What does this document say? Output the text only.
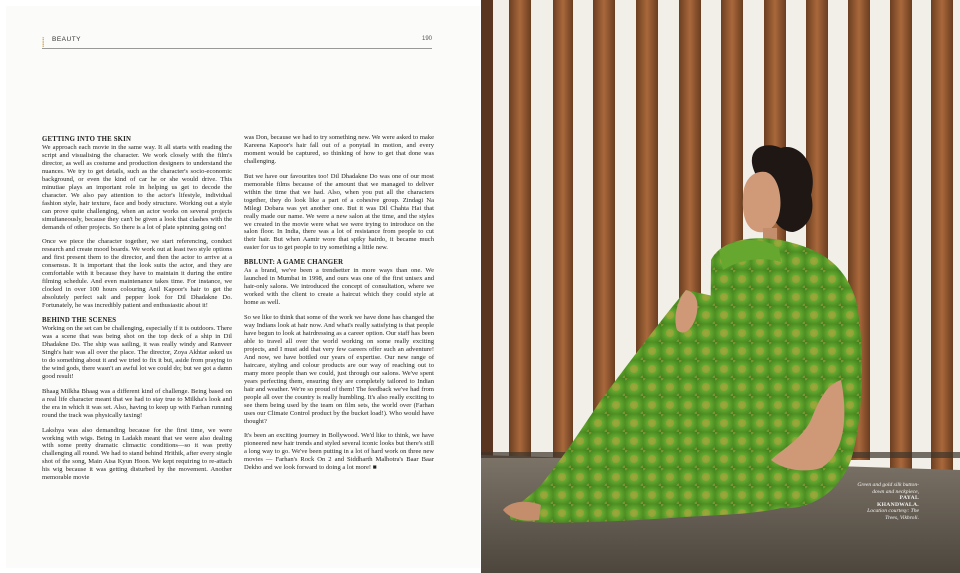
⸽ BEAUTY	190
GETTING INTO THE SKIN

We approach each movie in the same way. It all starts with reading the script and visualising the character. We work closely with the film's director, as well as costume and production designers to understand the nuances. We try to get details, such as the character's socio-economic background, or even the kind of car he or she would drive. This minutiae plays an important role in helping us get to decode the character. We also pay attention to the actor's lifestyle, individual fashion style, hair texture, face and body structure. Working out a style can prove quite challenging, when an actor works on several projects simultaneously, because they can't be given a look that clashes with the demands of other projects. So there is a lot of plate spinning going on!

Once we piece the character together, we start referencing, conduct research and create mood boards. We work out at least two style options and first present them to the director, and then the actor to arrive at a consensus. It is important that the look suits the actor, and they are comfortable with it because they have to maintain it during the entire filming schedule. And even maintenance takes time. For instance, we clocked in over 100 hours colouring Anil Kapoor's hair to get the absolutely perfect salt and pepper look for Dil Dhadakne Do. Fortunately, he was incredibly patient and enthusiastic about it!

BEHIND THE SCENES

Working on the set can be challenging, especially if it is outdoors. There was a scene that was being shot on the top deck of a ship in Dil Dhadakne Do. The ship was sailing, it was really windy and Ranveer Singh's hair was all over the place. The director, Zoya Akhtar asked us to do something about it and we tried to fix it but, aside from praying to the wind gods, there wasn't an awful lot we could do; but we got a damn good result!

Bhaag Milkha Bhaag was a different kind of challenge. Being based on a real life character meant that we had to stay true to Milkha's look and the era in which it was set. Also, having to keep up with Farhan running round the track was physically taxing!

Lakshya was also demanding because for the first time, we were working with wigs. Being in Ladakh meant that we were also dealing with some pretty dramatic climactic conditions—so it was pretty challenging all round. We had to stand behind Hrithik, after every single shot of the song, Main Aisa Kyun Hoon. We kept requiring to re-attach his wig because it was getting disturbed by the movement. Another memorable movie

was Don, because we had to try something new. We were asked to make Kareena Kapoor's hair fall out of a ponytail in motion, and every moment would be captured, so thinking of how to get that done was challenging.

But we have our favourites too! Dil Dhadakne Do was one of our most memorable films because of the amount that we managed to deliver within the time that we had. Also, when you put all the characters together, they do look like a part of a cohesive group. Zindagi Na Milegi Dobara was yet another one. But it was Dil Chahta Hai that really made our name. We were a new salon at the time, and the styles we created in the movie were what we were trying to introduce on the salon floor. In India, there was a lot of resistance from people to cut their hair. But when Aamir wore that spiky hairdo, it became much easier for us to get people to try something a little new.

BBLUNT: A GAME CHANGER

As a brand, we've been a trendsetter in more ways than one. We launched in Mumbai in 1998, and ours was one of the first unisex and hair-only salons. We introduced the concept of consultation, where we worked with the client to create a haircut which they could style at home as well.

So we like to think that some of the work we have done has changed the way Indians look at hair now. And what's really satisfying is that people have begun to look at hairdressing as a career option. Our staff has been able to travel all over the world working on some really exciting projects, and I must add that very few careers offer such an adventure! And now, we have bottled our years of expertise. Our new range of haircare, styling and colour products are our way of reaching out to many more people than we could, just through our salons. We've spent years perfecting them, ensuring they are completely tailored to Indian hair and weather. We're so proud of them! The feedback we've had from people all over the country is really humbling. It's also really exciting to see them being used by the team on film sets, the world over (Farhan uses our Climate Control product by the bucket load!). Who would have thought?

It's been an exciting journey in Bollywood. We'd like to think, we have pioneered new hair trends and styled several iconic looks but there's still a long way to go. We've been putting in a lot of hard work on three new movies — Farhan's Rock On 2 and Siddharth Malhotra's Baar Baar Dekho and we look forward to doing a lot more! ■

Green and gold silk button-down and neckpiece,
PAYAL KHANDWALA.
Location courtesy: The Trees, Vikhroli.
